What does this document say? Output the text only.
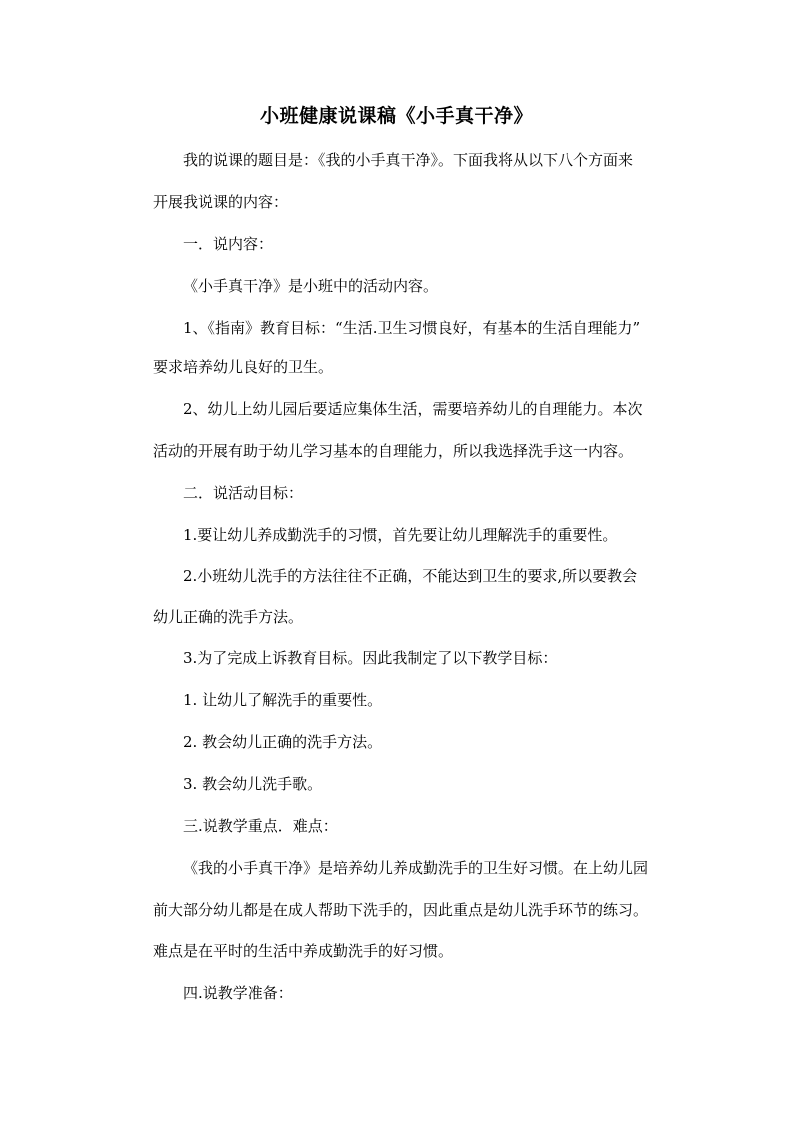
小班健康说课稿《小手真干净》
我的说课的题目是：《我的小手真干净》。下面我将从以下八个方面来
开展我说课的内容：
一．说内容：
《小手真干净》是小班中的活动内容。
1、《指南》教育目标：“生活.卫生习惯良好，有基本的生活自理能力”
要求培养幼儿良好的卫生。
2、幼儿上幼儿园后要适应集体生活，需要培养幼儿的自理能力。本次
活动的开展有助于幼儿学习基本的自理能力，所以我选择洗手这一内容。
二．说活动目标：
1.要让幼儿养成勤洗手的习惯，首先要让幼儿理解洗手的重要性。
2.小班幼儿洗手的方法往往不正确，不能达到卫生的要求,所以要教会
幼儿正确的洗手方法。
3.为了完成上诉教育目标。因此我制定了以下教学目标：
1. 让幼儿了解洗手的重要性。
2. 教会幼儿正确的洗手方法。
3. 教会幼儿洗手歌。
三.说教学重点．难点：
《我的小手真干净》是培养幼儿养成勤洗手的卫生好习惯。在上幼儿园
前大部分幼儿都是在成人帮助下洗手的，因此重点是幼儿洗手环节的练习。
难点是在平时的生活中养成勤洗手的好习惯。
四.说教学准备：
